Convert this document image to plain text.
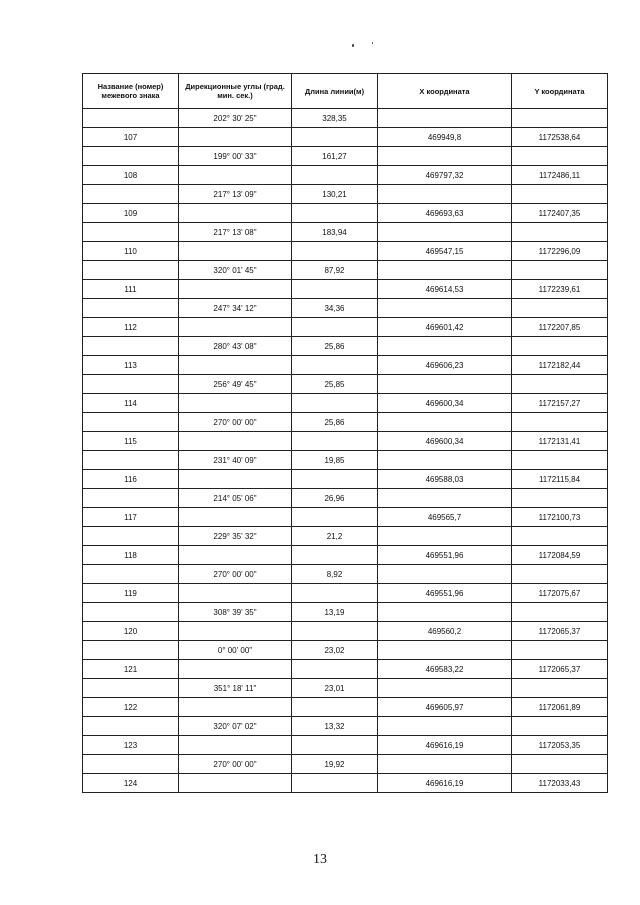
Название (номер) межевого знака	Дирекционные углы (град. мин. сек.)	Длина линии(м)	X координата	Y координата
	202° 30' 25"	328,35		
107			469949,8	1172538,64
	199° 00' 33"	161,27		
108			469797,32	1172486,11
	217° 13' 09"	130,21		
109			469693,63	1172407,35
	217° 13' 08"	183,94		
110			469547,15	1172296,09
	320° 01' 45"	87,92		
111			469614,53	1172239,61
	247° 34' 12"	34,36		
112			469601,42	1172207,85
	280° 43' 08"	25,86		
113			469606,23	1172182,44
	256° 49' 45"	25,85		
114			469600,34	1172157,27
	270° 00' 00"	25,86		
115			469600,34	1172131,41
	231° 40' 09"	19,85		
116			469588,03	1172115,84
	214° 05' 06"	26,96		
117			469565,7	1172100,73
	229° 35' 32"	21,2		
118			469551,96	1172084,59
	270° 00' 00"	8,92		
119			469551,96	1172075,67
	308° 39' 35"	13,19		
120			469560,2	1172065,37
	0° 00' 00"	23,02		
121			469583,22	1172065,37
	351° 18' 11"	23,01		
122			469605,97	1172061,89
	320° 07' 02"	13,32		
123			469616,19	1172053,35
	270° 00' 00"	19,92		
124			469616,19	1172033,43
13
